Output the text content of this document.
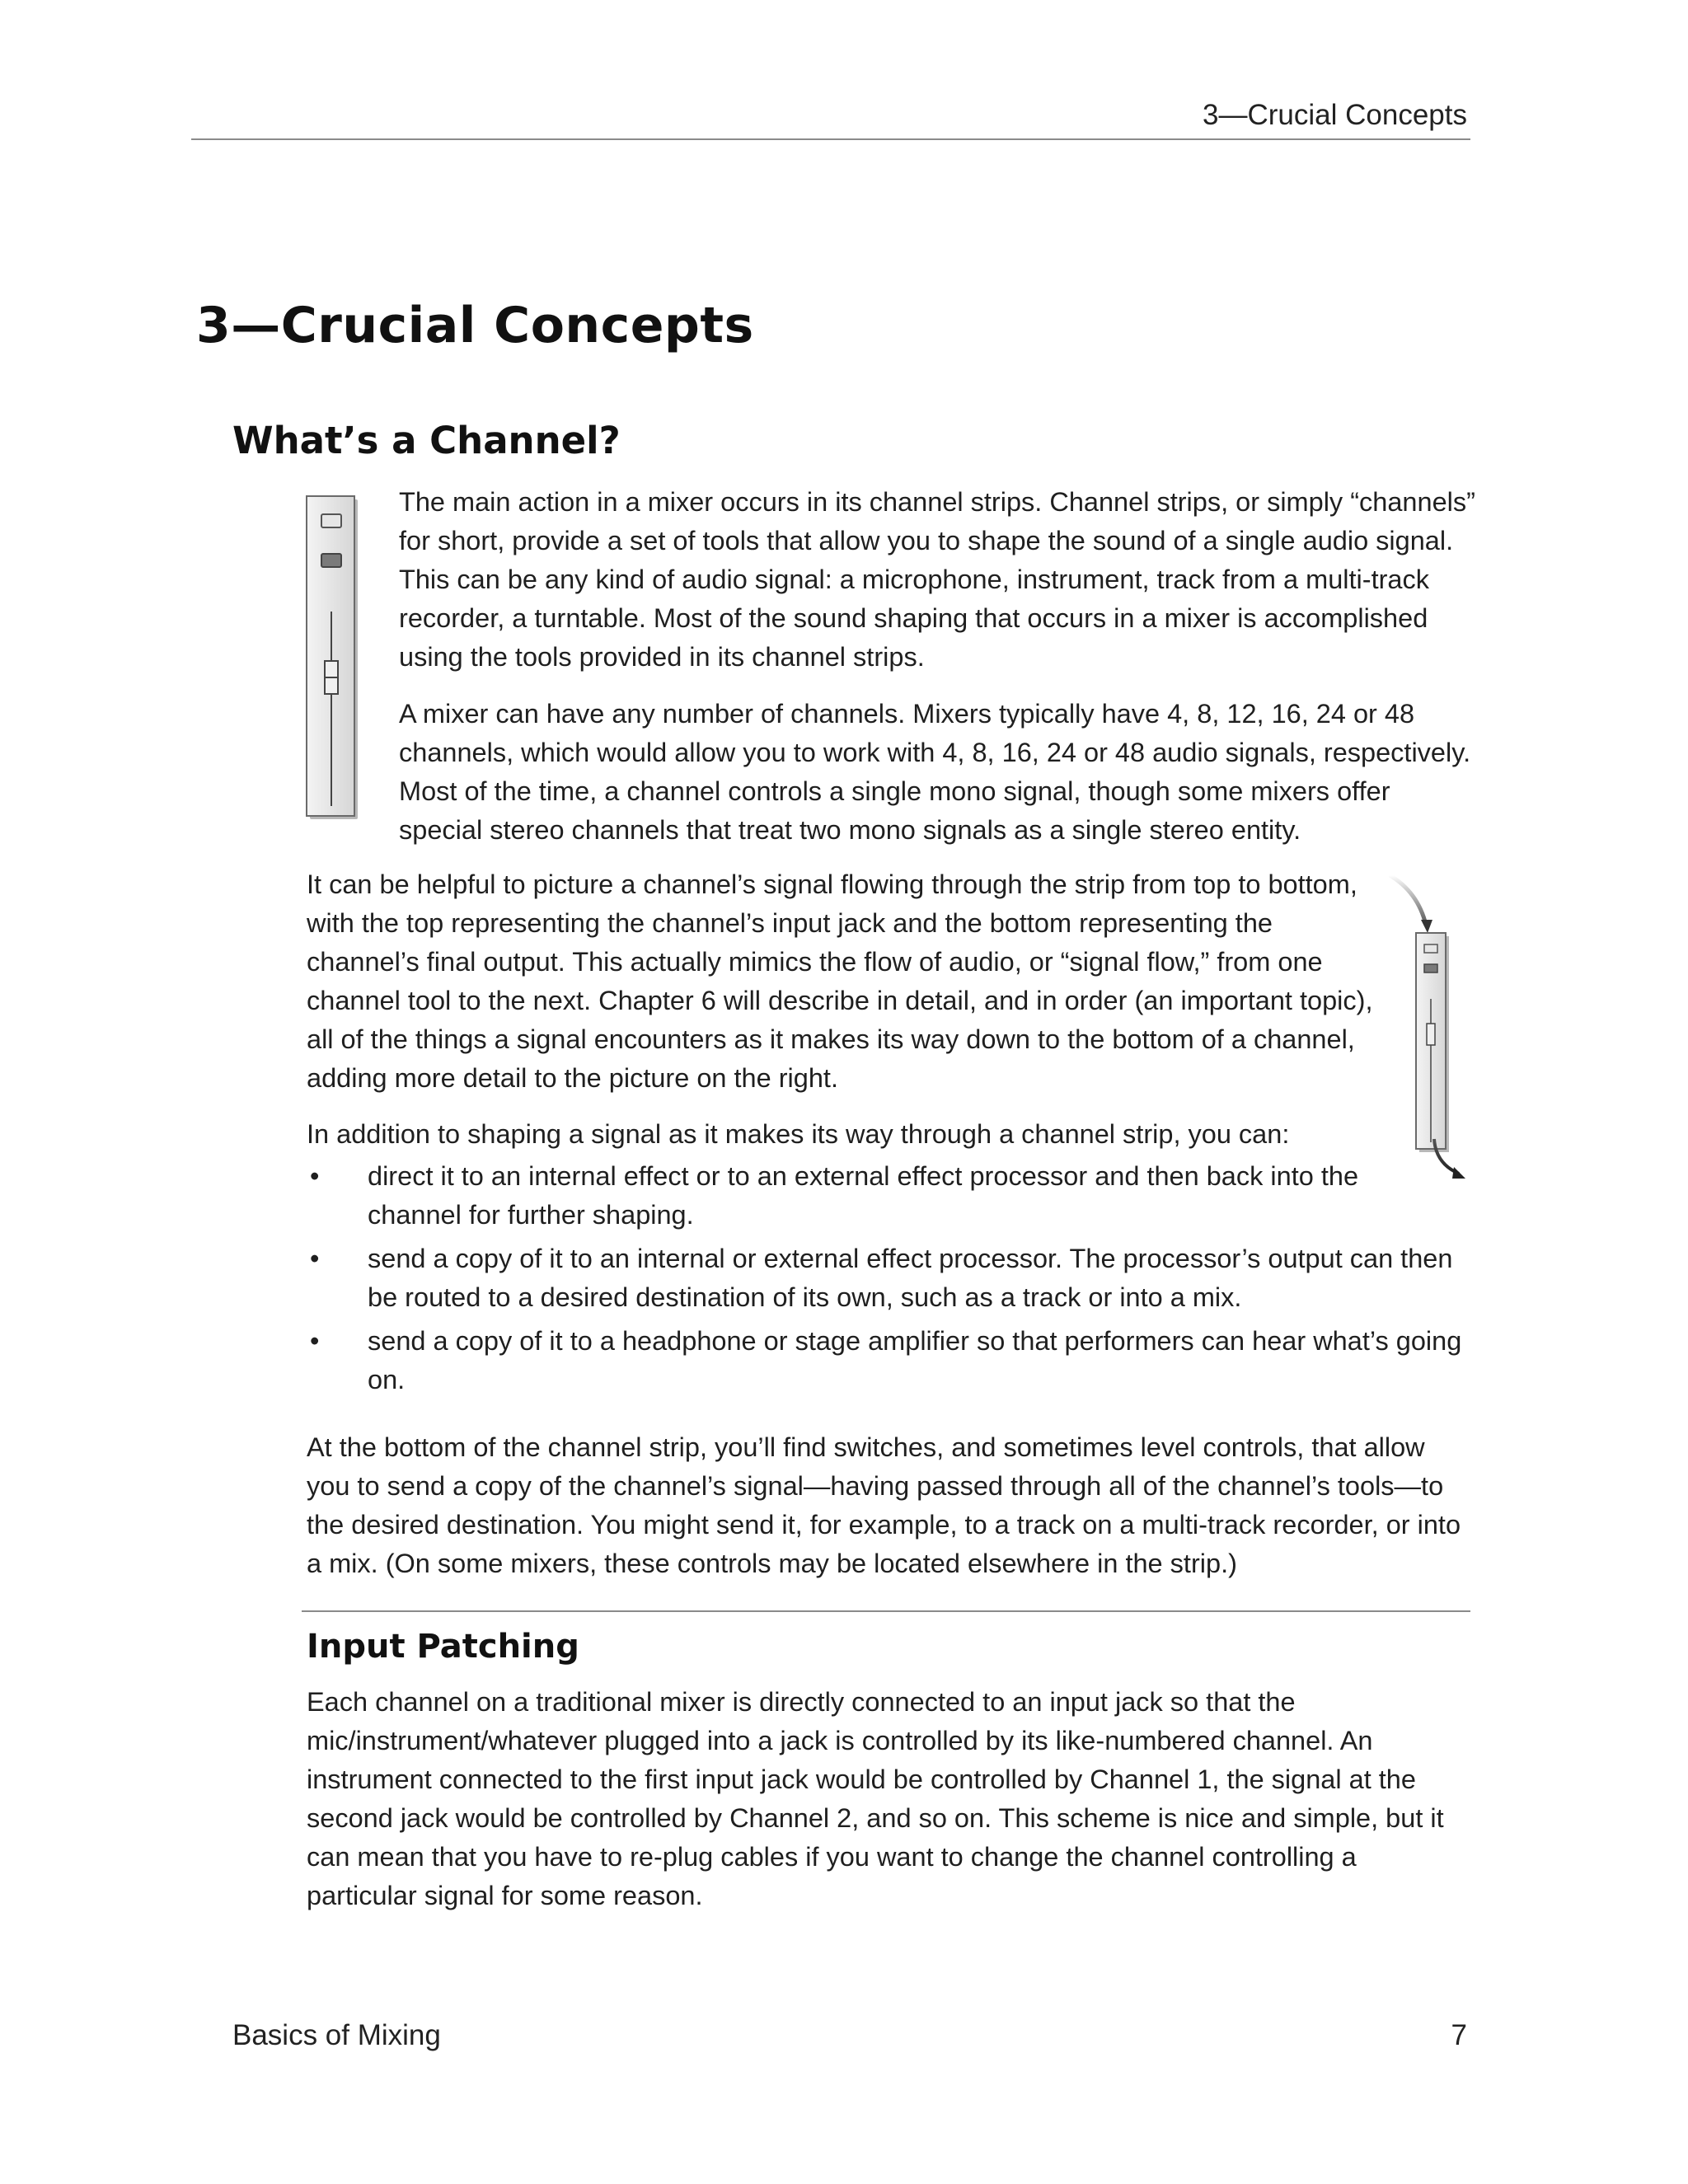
3—Crucial Concepts
3—Crucial Concepts
What’s a Channel?

The main action in a mixer occurs in its channel strips. Channel strips, or simply “channels” for short, provide a set of tools that allow you to shape the sound of a single audio signal. This can be any kind of audio signal: a microphone, instrument, track from a multi-track recorder, a turntable. Most of the sound shaping that occurs in a mixer is accomplished using the tools provided in its channel strips.

A mixer can have any number of channels. Mixers typically have 4, 8, 12, 16, 24 or 48 channels, which would allow you to work with 4, 8, 16, 24 or 48 audio signals, respectively. Most of the time, a channel controls a single mono signal, though some mixers offer special stereo channels that treat two mono signals as a single stereo entity.

It can be helpful to picture a channel’s signal flowing through the strip from top to bottom, with the top representing the channel’s input jack and the bottom representing the channel’s final output. This actually mimics the flow of audio, or “signal flow,” from one channel tool to the next. Chapter 6 will describe in detail, and in order (an important topic), all of the things a signal encounters as it makes its way down to the bottom of a channel, adding more detail to the picture on the right.

In addition to shaping a signal as it makes its way through a channel strip, you can:

• direct it to an internal effect or to an external effect processor and then back into the channel for further shaping.
• send a copy of it to an internal or external effect processor. The processor’s output can then be routed to a desired destination of its own, such as a track or into a mix.
• send a copy of it to a headphone or stage amplifier so that performers can hear what’s going on.

At the bottom of the channel strip, you’ll find switches, and sometimes level controls, that allow you to send a copy of the channel’s signal—having passed through all of the channel’s tools—to the desired destination. You might send it, for example, to a track on a multi-track recorder, or into a mix. (On some mixers, these controls may be located elsewhere in the strip.)

Input Patching

Each channel on a traditional mixer is directly connected to an input jack so that the mic/instrument/whatever plugged into a jack is controlled by its like-numbered channel. An instrument connected to the first input jack would be controlled by Channel 1, the signal at the second jack would be controlled by Channel 2, and so on. This scheme is nice and simple, but it can mean that you have to re-plug cables if you want to change the channel controlling a particular signal for some reason.

Basics of Mixing	7
